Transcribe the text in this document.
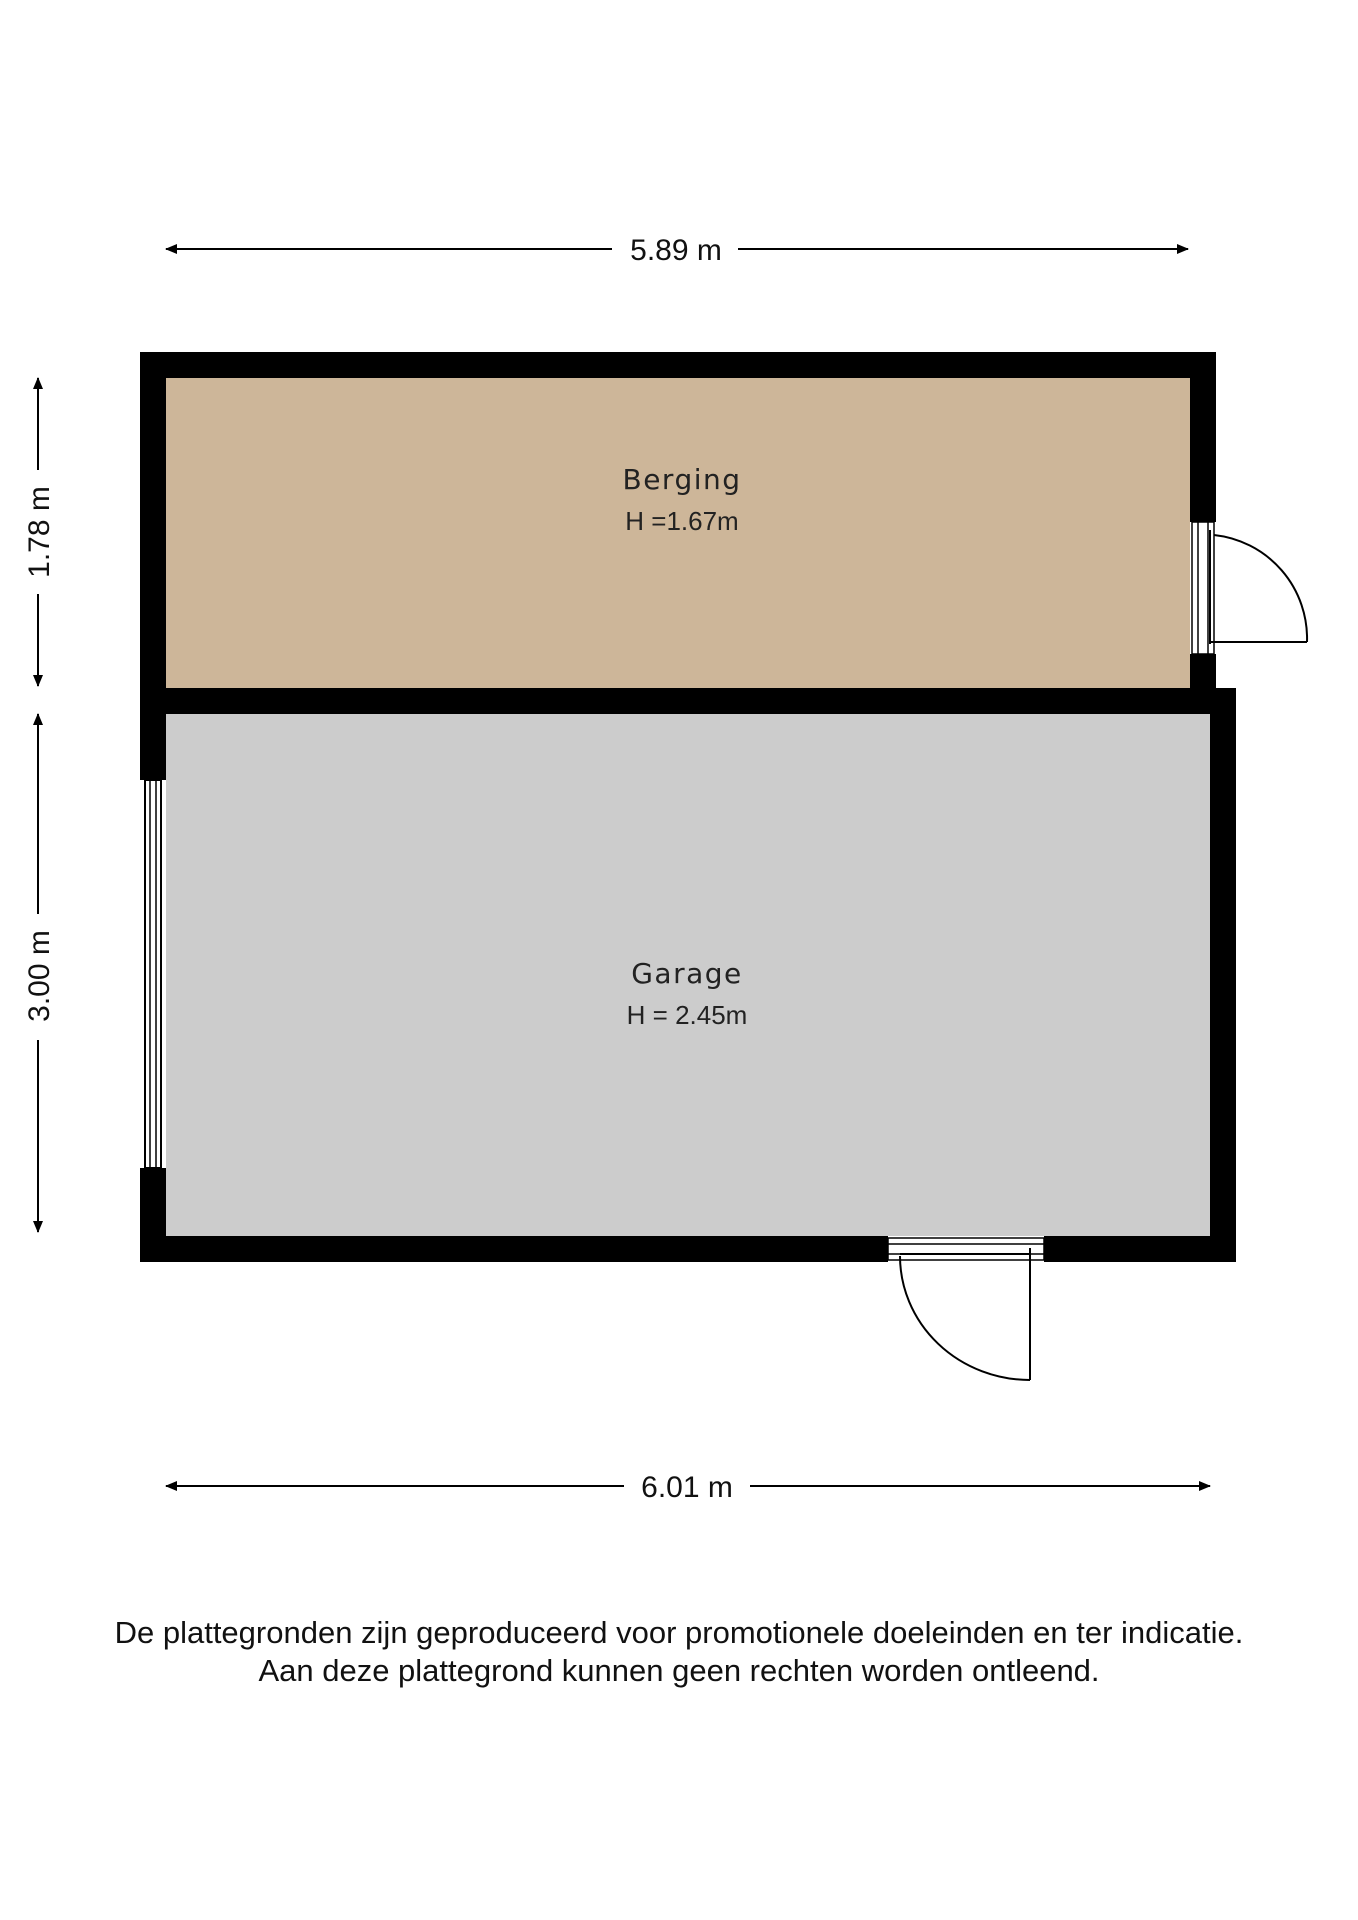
5.89 m
1.78 m
3.00 m
Berging
H =1.67m
Garage
H = 2.45m
6.01 m
De plattegronden zijn geproduceerd voor promotionele doeleinden en ter indicatie.
Aan deze plattegrond kunnen geen rechten worden ontleend.
